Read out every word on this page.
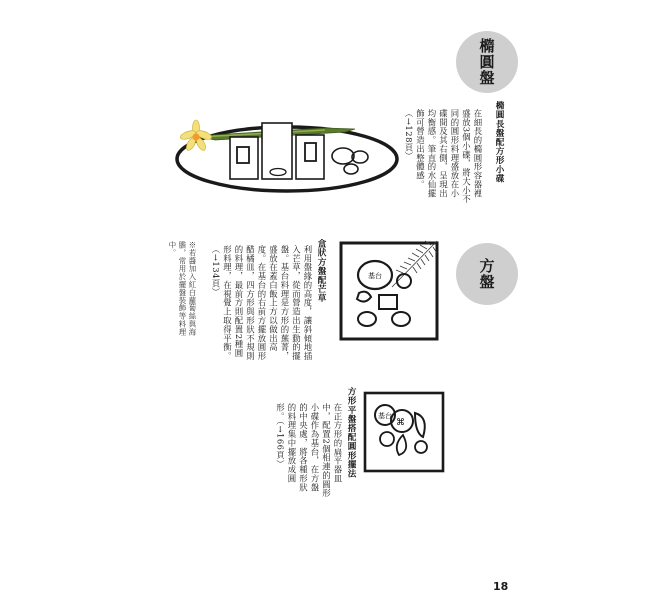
橢圓盤
橢圓長盤配方形小碟
在細長的橢圓形容器裡盛放3個小碟，將大小不同的圓形料理盛放在小碟間及其右側，呈現出均衡感。筆直的水仙擺飾可營造出整體感。（→128頁）
方盤
基台
盒狀方盤配芒草
利用盤緣的高度，讓斜傾地插入芒草，從而營造出生動的擺盤。基台料理是方形的蕪菁，盛放在蓋白飯上方以做出高度。在基台的右前方擺放圓形醋橘皿，四方形與形狀不規則的料理，最前方則配置2種圓形料理，在視覺上取得平衡。（→134頁）
※若醬加入紅白蘿蔔絲與海膽，常用於擺盤裝飾等料理中。
基台
⌘
方形平盤搭配圓形擺法
在正方形的扁平器皿中，配置2個相連的圓形小碟作為基台，在方盤的中央處，將各種形狀的料理集中擺放成圓形。（→166頁）
18
